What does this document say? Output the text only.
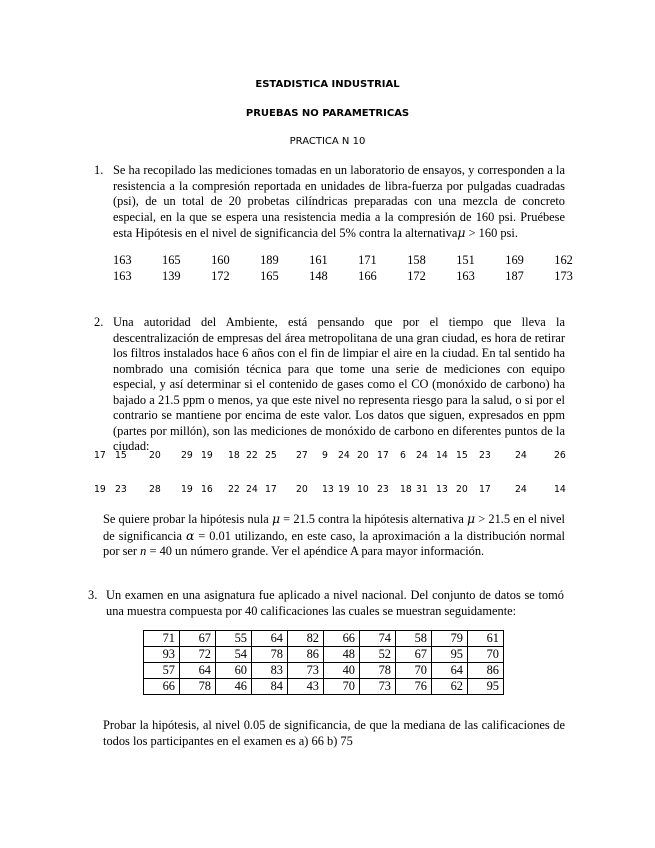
ESTADISTICA INDUSTRIAL
PRUEBAS NO PARAMETRICAS
PRACTICA N 10
1. Se ha recopilado las mediciones tomadas en un laboratorio de ensayos, y corresponden a la resistencia a la compresión reportada en unidades de libra-fuerza por pulgadas cuadradas (psi), de un total de 20 probetas cilíndricas preparadas con una mezcla de concreto especial, en la que se espera una resistencia media a la compresión de 160 psi. Pruébese esta Hipótesis en el nivel de significancia del 5% contra la alternativaμ > 160 psi.
163 165 160 189 161 171 158 151 169 162
163 139 172 165 148 166 172 163 187 173
2. Una autoridad del Ambiente, está pensando que por el tiempo que lleva la descentralización de empresas del área metropolitana de una gran ciudad, es hora de retirar los filtros instalados hace 6 años con el fin de limpiar el aire en la ciudad. En tal sentido ha nombrado una comisión técnica para que tome una serie de mediciones con equipo especial, y así determinar si el contenido de gases como el CO (monóxido de carbono) ha bajado a 21.5 ppm o menos, ya que este nivel no representa riesgo para la salud, o si por el contrario se mantiene por encima de este valor. Los datos que siguen, expresados en ppm (partes por millón), son las mediciones de monóxido de carbono en diferentes puntos de la ciudad:
17 15 20 29 19 18 22 25 27 9 24 20 17 6 24 14 15 23	24	26
19 23 28 19 16 22 24 17 20 13 19 10 23 18 31 13 20 17	24	14
Se quiere probar la hipótesis nula μ = 21.5 contra la hipótesis alternativa μ > 21.5 en el nivel de significancia α = 0.01 utilizando, en este caso, la aproximación a la distribución normal por ser n = 40 un número grande. Ver el apéndice A para mayor información.
3. Un examen en una asignatura fue aplicado a nivel nacional. Del conjunto de datos se tomó una muestra compuesta por 40 calificaciones las cuales se muestran seguidamente:
71	67	55	64	82	66	74	58	79	61
93	72	54	78	86	48	52	67	95	70
57	64	60	83	73	40	78	70	64	86
66	78	46	84	43	70	73	76	62	95
Probar la hipótesis, al nivel 0.05 de significancia, de que la mediana de las calificaciones de todos los participantes en el examen es a) 66 b) 75
